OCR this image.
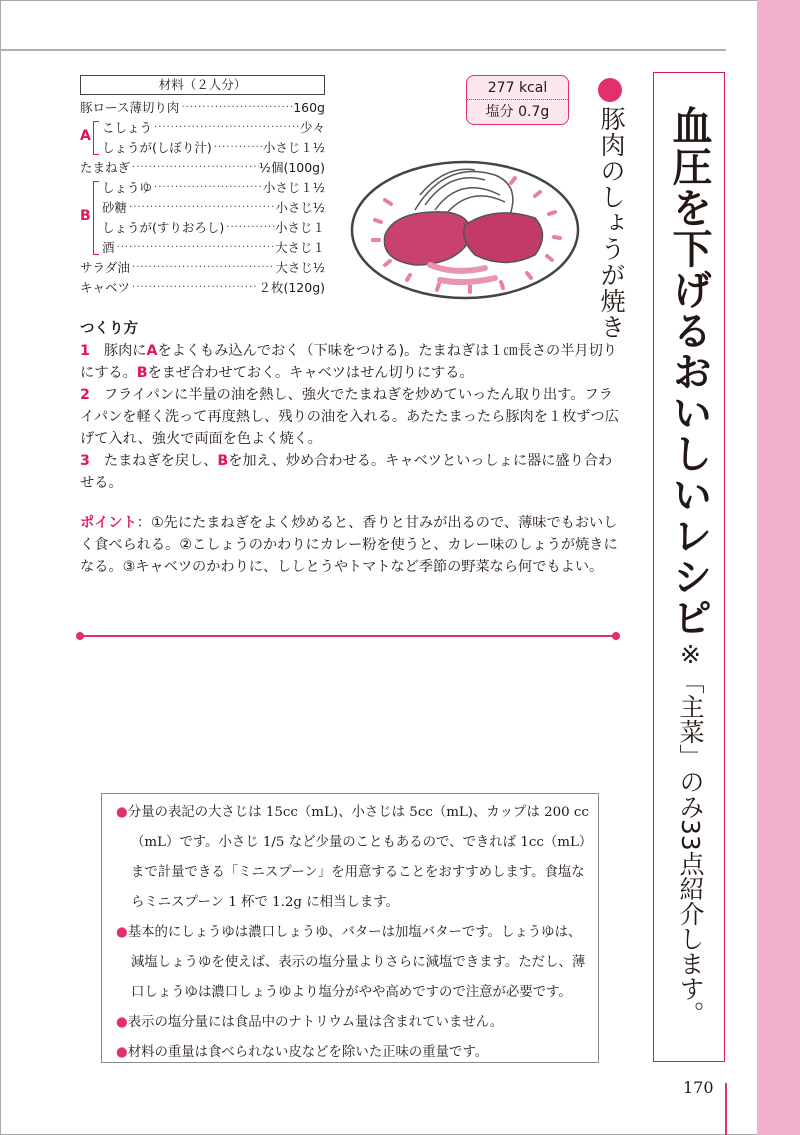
材料（２人分）
豚ロース薄切り肉 ·····	160g
A
こしょう ·····	少々
しょうが(しぼり汁) ·····	小さじ１½
たまねぎ ·····	½個(100g)
B
しょうゆ ·····	小さじ１½
砂糖 ·····	小さじ½
しょうが(すりおろし) ·····	小さじ１
酒 ·····	大さじ１
サラダ油 ·····	大さじ½
キャベツ ·····	２枚(120g)
277 kcal
塩分 0.7g	豚肉のしょうが焼き
つくり方

1 豚肉にAをよくもみ込んでおく（下味をつける)。たまねぎは１㎝長さの半月切りにする。Bをまぜ合わせておく。キャベツはせん切りにする。

2 フライパンに半量の油を熱し、強火でたまねぎを炒めていったん取り出す。フライパンを軽く洗って再度熱し、残りの油を入れる。あたたまったら豚肉を１枚ずつ広げて入れ、強火で両面を色よく焼く。

3 たまねぎを戻し、Bを加え、炒め合わせる。キャベツといっしょに器に盛り合わせる。

ポイント：①先にたまねぎをよく炒めると、香りと甘みが出るので、薄味でもおいしく食べられる。②こしょうのかわりにカレー粉を使うと、カレー味のしょうが焼きになる。③キャベツのかわりに、ししとうやトマトなど季節の野菜なら何でもよい。

●分量の表記の大さじは 15cc（mL)、小さじは 5cc（mL)、カップは 200 cc（mL）です。小さじ 1/5 など少量のこともあるので、できれば 1cc（mL）まで計量できる「ミニスプーン」を用意することをおすすめします。食塩ならミニスプーン 1 杯で 1.2g に相当します。

●基本的にしょうゆは濃口しょうゆ、バターは加塩バターです。しょうゆは、減塩しょうゆを使えば、表示の塩分量よりさらに減塩できます。ただし、薄口しょうゆは濃口しょうゆより塩分がやや高めですので注意が必要です。

●表示の塩分量には食品中のナトリウム量は含まれていません。

●材料の重量は食べられない皮などを除いた正味の重量です。

血圧を下げるおいしいレシピ
※「主菜」のみ33点紹介します。
170
